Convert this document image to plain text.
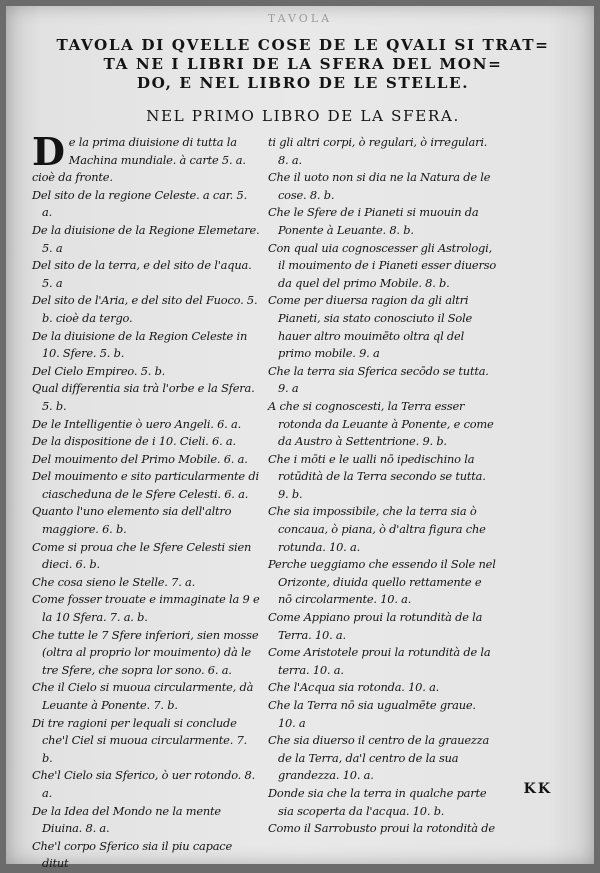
TAVOLA
TAVOLA DI QVELLE COSE DE LE QVALI SI TRAT=
TA NE I LIBRI DE LA SFERA DEL MON=
DO, E NEL LIBRO DE LE STELLE.
NEL PRIMO LIBRO DE LA SFERA.
De la prima diuisione di tutta la Machina mundiale. à carte 5. a. cioè da fronte.
Del sito de la regione Celeste. a car. 5. a.
De la diuisione de la Regione Elemetare. 5. a
Del sito de la terra, e del sito de l'aqua. 5. a
Del sito de l'Aria, e del sito del Fuoco. 5. b. cioè da tergo.
De la diuisione de la Region Celeste in 10. Sfere. 5. b.
Del Cielo Empireo. 5. b.
Qual differentia sia trà l'orbe e la Sfera. 5. b.
De le Intelligentie ò uero Angeli. 6. a.
De la dispositione de i 10. Cieli. 6. a.
Del mouimento del Primo Mobile. 6. a.
Del mouimento e sito particularmente di ciascheduna de le Sfere Celesti. 6. a.
Quanto l'uno elemento sia dell'altro maggiore. 6. b.
Come si proua che le Sfere Celesti sien dieci. 6. b.
Che cosa sieno le Stelle. 7. a.
Come fosser trouate e immaginate la 9 e la 10 Sfera. 7. a. b.
Che tutte le 7 Sfere inferiori, sien mosse (oltra al proprio lor mouimento) dà le tre Sfere, che sopra lor sono. 6. a.
Che il Cielo si muoua circularmente, dà Leuante à Ponente. 7. b.
Di tre ragioni per lequali si conclude che'l Ciel si muoua circularmente. 7. b.
Che'l Cielo sia Sferico, ò uer rotondo. 8. a.
De la Idea del Mondo ne la mente Diuina. 8. a.
Che'l corpo Sferico sia il piu capace ditut
ti gli altri corpi, ò regulari, ò irregulari. 8. a.
Che il uoto non si dia ne la Natura de le cose. 8. b.
Che le Sfere de i Pianeti si muouin da Ponente à Leuante. 8. b.
Con qual uia cognoscesser gli Astrologi, il mouimento de i Pianeti esser diuerso da quel del primo Mobile. 8. b.
Come per diuersa ragion da gli altri Pianeti, sia stato conosciuto il Sole hauer altro mouimēto oltra ql del primo mobile. 9. a
Che la terra sia Sferica secōdo se tutta. 9. a
A che si cognoscesti, la Terra esser rotonda da Leuante à Ponente, e come da Austro à Settentrione. 9. b.
Che i mōti e le ualli nō ipedischino la rotūdità de la Terra secondo se tutta. 9. b.
Che sia impossibile, che la terra sia ò concaua, ò piana, ò d'altra figura che rotunda. 10. a.
Perche ueggiamo che essendo il Sole nel Orizonte, diuida quello rettamente e nō circolarmente. 10. a.
Come Appiano proui la rotundità de la Terra. 10. a.
Come Aristotele proui la rotundità de la terra. 10. a.
Che l'Acqua sia rotonda. 10. a.
Che la Terra nō sia ugualmēte graue. 10. a
Che sia diuerso il centro de la grauezza de la Terra, da'l centro de la sua grandezza. 10. a.
Donde sia che la terra in qualche parte sia scoperta da l'acqua. 10. b.
Como il Sarrobusto proui la rotondità de
KK
